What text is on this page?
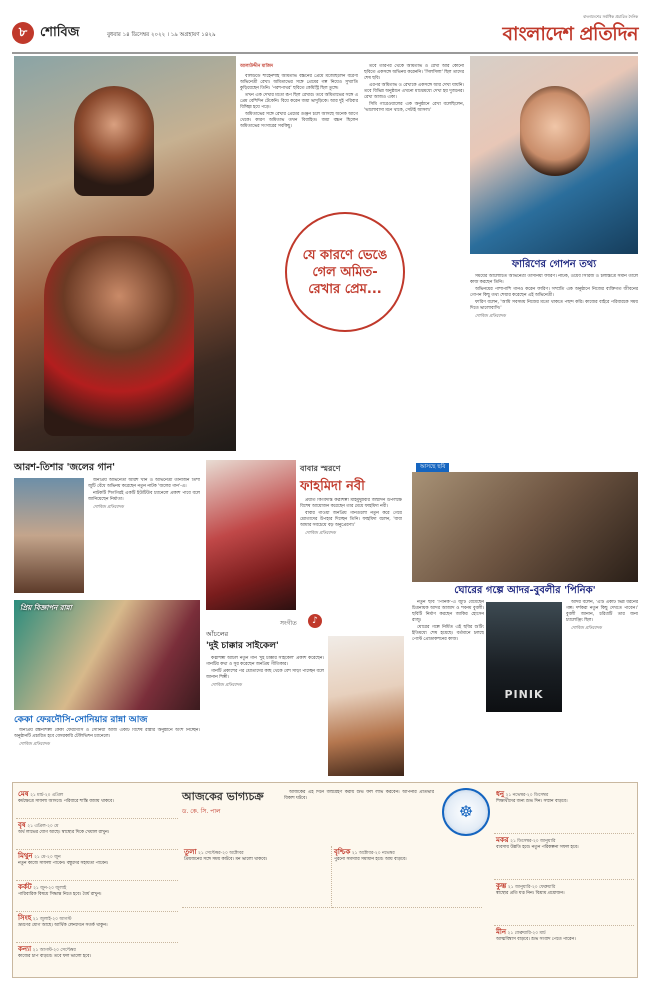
৮ শোবিজ	বুধবার ১৪ ডিসেম্বর ২০২২ । ১৯ অগ্রহায়ণ ১৪২৯
বাংলাদেশের সর্বাধিক প্রচারিত দৈনিক
বাংলাদেশ প্রতিদিন
আলাউদ্দীন মাজিদ

বলিউডে শাহেনশাহ অমিতাভ বচ্চনের প্রেমে মজেছিলেন বরেণ্য অভিনেত্রী রেখা। অমিতাভের সঙ্গে প্রেমের গল্প নিয়েও সুখ্যাতি কুড়িয়েছেন তিনি। 'পরশপাথর' ছবিতে কেমিস্ট্রি ছিল তুঙ্গে।

তখন এক দেখার মতো রূপ ছিল রেখার। তবে অমিতাভের সঙ্গে এ প্রেম বেশিদিন টেকেনি। বিয়ে করেন জয়া ভাদুড়িকে। আর দুই পরিবার বিচ্ছিন্ন হয়ে পড়ে।

অমিতাভের সঙ্গে রেখার প্রেমের গুঞ্জন চলে আসছে অনেক আগে থেকে। কারণ অমিতাভ তখন বিবাহিত। জয়া বচ্চন ছিলেন অমিতাভের সংসারের সবকিছু।

তবে তারপর থেকে অমিতাভ ও রেখা আর কোনো ছবিতে একসঙ্গে অভিনয় করেননি। 'সিলসিলা' ছিল তাদের শেষ ছবি।

এরপর অমিতাভ ও রেখাকে একসঙ্গে আর দেখা যায়নি। তবে বিভিন্ন অনুষ্ঠানে এখনো মাঝেমধ্যে দেখা হয় দুজনের। রেখা আজও একা।

সিমি গারেওয়ালের এক অনুষ্ঠানে রেখা বলেছিলেন, 'ভালোবাসা মনে থাকে, সেটাই আসল।'

যে কারণে ভেঙে গেল অমিত-রেখার প্রেম...
ফারিণের গোপন তথ্য

সময়ের আলোচিত অভিনেত্রী তাসনিয়া ফারিণ। নাটক, ওয়েব সিরিজ ও চলচ্চিত্রে সমান তালে কাজ করছেন তিনি।

অভিনয়ের পাশাপাশি গানও করেন ফারিণ। সম্প্রতি এক অনুষ্ঠানে নিজের ব্যক্তিগত জীবনের গোপন কিছু তথ্য শেয়ার করেছেন এই অভিনেত্রী।

ফারিণ বলেন, 'আমি সবসময় নিজের মতো থাকতে পছন্দ করি। কাজের বাইরে পরিবারকে সময় দিতে ভালোবাসি।'

শোবিজ প্রতিবেদক

আরশ-তিশার 'জলের গান'

জনপ্রিয় অভিনেতা আরশ খান ও অভিনেত্রী তানজিন তিশা জুটি বেঁধে অভিনয় করেছেন নতুন নাটক 'জলের গান'-এ।

নাটকটি শিগগিরই একটি ইউটিউব চ্যানেলে প্রকাশ পাবে বলে জানিয়েছেন নির্মাতা।

শোবিজ প্রতিবেদক

প্রিয় বিজ্ঞাপন রান্না
কেকা ফেরদৌসি-সোনিয়ার রান্না আজ

জনপ্রিয় রন্ধনশিল্পী কেকা ফেরদৌসি ও সোনিয়া আজ একটি বিশেষ রান্নার অনুষ্ঠানে অংশ নিচ্ছেন। অনুষ্ঠানটি প্রচারিত হবে বেসরকারি টেলিভিশন চ্যানেলে।

শোবিজ প্রতিবেদক

বাবার স্মরণে
ফাহমিদা নবী

প্রয়াত কিংবদন্তি কণ্ঠশিল্পী মাহমুদুন্নবীর জন্মদিন উপলক্ষে বিশেষ আয়োজন করেছেন তার মেয়ে ফাহমিদা নবী।

বাবার গাওয়া জনপ্রিয় গানগুলো নতুন করে গেয়ে শ্রোতাদের উপহার দিচ্ছেন তিনি। ফাহমিদা বলেন, 'বাবা আমার সবচেয়ে বড় অনুপ্রেরণা।'

শোবিজ প্রতিবেদক

সংগীত	♪
আঁচলের
'দুই চাক্কার সাইকেল'

কণ্ঠশিল্পী আঁচল নতুন গান 'দুই চাক্কার সাইকেল' প্রকাশ করেছেন। গানটির কথা ও সুর করেছেন জনপ্রিয় গীতিকার।

গানটি প্রকাশের পর শ্রোতাদের কাছ থেকে বেশ সাড়া পাচ্ছেন বলে জানান শিল্পী।

শোবিজ প্রতিবেদক

আসছে ছবি
ঘোরের গল্পে আদর-বুবলীর 'পিনিক'

নতুন ছবি 'পিনিক'-এ জুটি বেঁধেছেন চিত্রনায়ক আদর আজাদ ও শবনম বুবলী। ছবিটি নির্মাণ করছেন জাকির হোসেন রাজু।

ঘোরের গল্পে নির্মিত এই ছবির শুটিং ইতিমধ্যে শেষ হয়েছে। বর্তমানে চলছে পোস্ট প্রোডাকশনের কাজ।

PINIK

আদর বলেন, 'এটি একটি ভিন্ন ধরনের গল্প। দর্শকরা নতুন কিছু দেখতে পাবেন।' বুবলী জানান, চরিত্রটি তার জন্য চ্যালেঞ্জিং ছিল।

শোবিজ প্রতিবেদক

আজকের ভাগ্যচক্র
ড. কে. সি. পাল

আজকের এই দিনে জন্মগ্রহণ করায় শুভ ফল লাভ করবেন। আপনার প্রতিভার বিকাশ ঘটবে।

☸
মেষ ২১ মার্চ-২০ এপ্রিল
কর্মক্ষেত্রে সাফল্য আসবে। পরিবারে শান্তি বজায় থাকবে।
বৃষ ২১ এপ্রিল-২০ মে
অর্থ লাভের যোগ আছে। স্বাস্থ্যের দিকে খেয়াল রাখুন।
মিথুন ২১ মে-২০ জুন
নতুন কাজে সাফল্য পাবেন। বন্ধুদের সহায়তা পাবেন।
কর্কট ২১ জুন-২০ জুলাই
পারিবারিক বিষয়ে সিদ্ধান্ত নিতে হবে। ধৈর্য রাখুন।
সিংহ ২১ জুলাই-২০ আগস্ট
ভ্রমণের যোগ আছে। আর্থিক লেনদেনে সতর্ক থাকুন।
কন্যা ২১ আগস্ট-২০ সেপ্টেম্বর
কাজের চাপ বাড়বে। তবে ফল ভালো হবে।
তুলা ২১ সেপ্টেম্বর-২০ অক্টোবর
প্রিয়জনের সঙ্গে সময় কাটবে। মন ভালো থাকবে।
বৃশ্চিক ২১ অক্টোবর-২০ নভেম্বর
পুরনো সমস্যার সমাধান হবে। আয় বাড়বে।
ধনু ২১ নভেম্বর-২০ ডিসেম্বর
শিক্ষার্থীদের জন্য শুভ দিন। সম্মান বাড়বে।
মকর ২১ ডিসেম্বর-২০ জানুয়ারি
ব্যবসায় উন্নতি হবে। নতুন পরিকল্পনা সফল হবে।
কুম্ভ ২১ জানুয়ারি-২০ ফেব্রুয়ারি
স্বাস্থ্যের প্রতি যত্ন নিন। বিশ্রাম প্রয়োজন।
মীন ২১ ফেব্রুয়ারি-২০ মার্চ
আত্মবিশ্বাস বাড়বে। শুভ সংবাদ পেতে পারেন।
